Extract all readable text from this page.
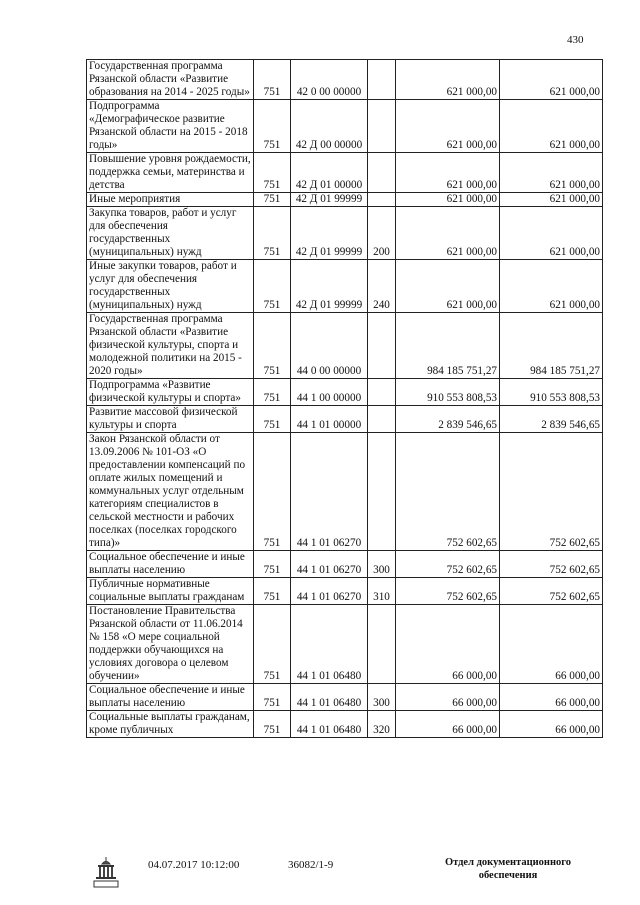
430
Государственная программа Рязанской области «Развитие образования на 2014 - 2025 годы»	751	42 0 00 00000		621 000,00	621 000,00
Подпрограмма «Демографическое развитие Рязанской области на 2015 - 2018 годы»	751	42 Д 00 00000		621 000,00	621 000,00
Повышение уровня рождаемости, поддержка семьи, материнства и детства	751	42 Д 01 00000		621 000,00	621 000,00
Иные мероприятия	751	42 Д 01 99999		621 000,00	621 000,00
Закупка товаров, работ и услуг для обеспечения государственных (муниципальных) нужд	751	42 Д 01 99999	200	621 000,00	621 000,00
Иные закупки товаров, работ и услуг для обеспечения государственных (муниципальных) нужд	751	42 Д 01 99999	240	621 000,00	621 000,00
Государственная программа Рязанской области «Развитие физической культуры, спорта и молодежной политики на 2015 - 2020 годы»	751	44 0 00 00000		984 185 751,27	984 185 751,27
Подпрограмма «Развитие физической культуры и спорта»	751	44 1 00 00000		910 553 808,53	910 553 808,53
Развитие массовой физической культуры и спорта	751	44 1 01 00000		2 839 546,65	2 839 546,65
Закон Рязанской области от 13.09.2006 № 101-ОЗ «О предоставлении компенсаций по оплате жилых помещений и коммунальных услуг отдельным категориям специалистов в сельской местности и рабочих поселках (поселках городского типа)»	751	44 1 01 06270		752 602,65	752 602,65
Социальное обеспечение и иные выплаты населению	751	44 1 01 06270	300	752 602,65	752 602,65
Публичные нормативные социальные выплаты гражданам	751	44 1 01 06270	310	752 602,65	752 602,65
Постановление Правительства Рязанской области от 11.06.2014 № 158 «О мере социальной поддержки обучающихся на условиях договора о целевом обучении»	751	44 1 01 06480		66 000,00	66 000,00
Социальное обеспечение и иные выплаты населению	751	44 1 01 06480	300	66 000,00	66 000,00
Социальные выплаты гражданам, кроме публичных	751	44 1 01 06480	320	66 000,00	66 000,00
04.07.2017 10:12:00	36082/1-9	Отдел документационного обеспечения
